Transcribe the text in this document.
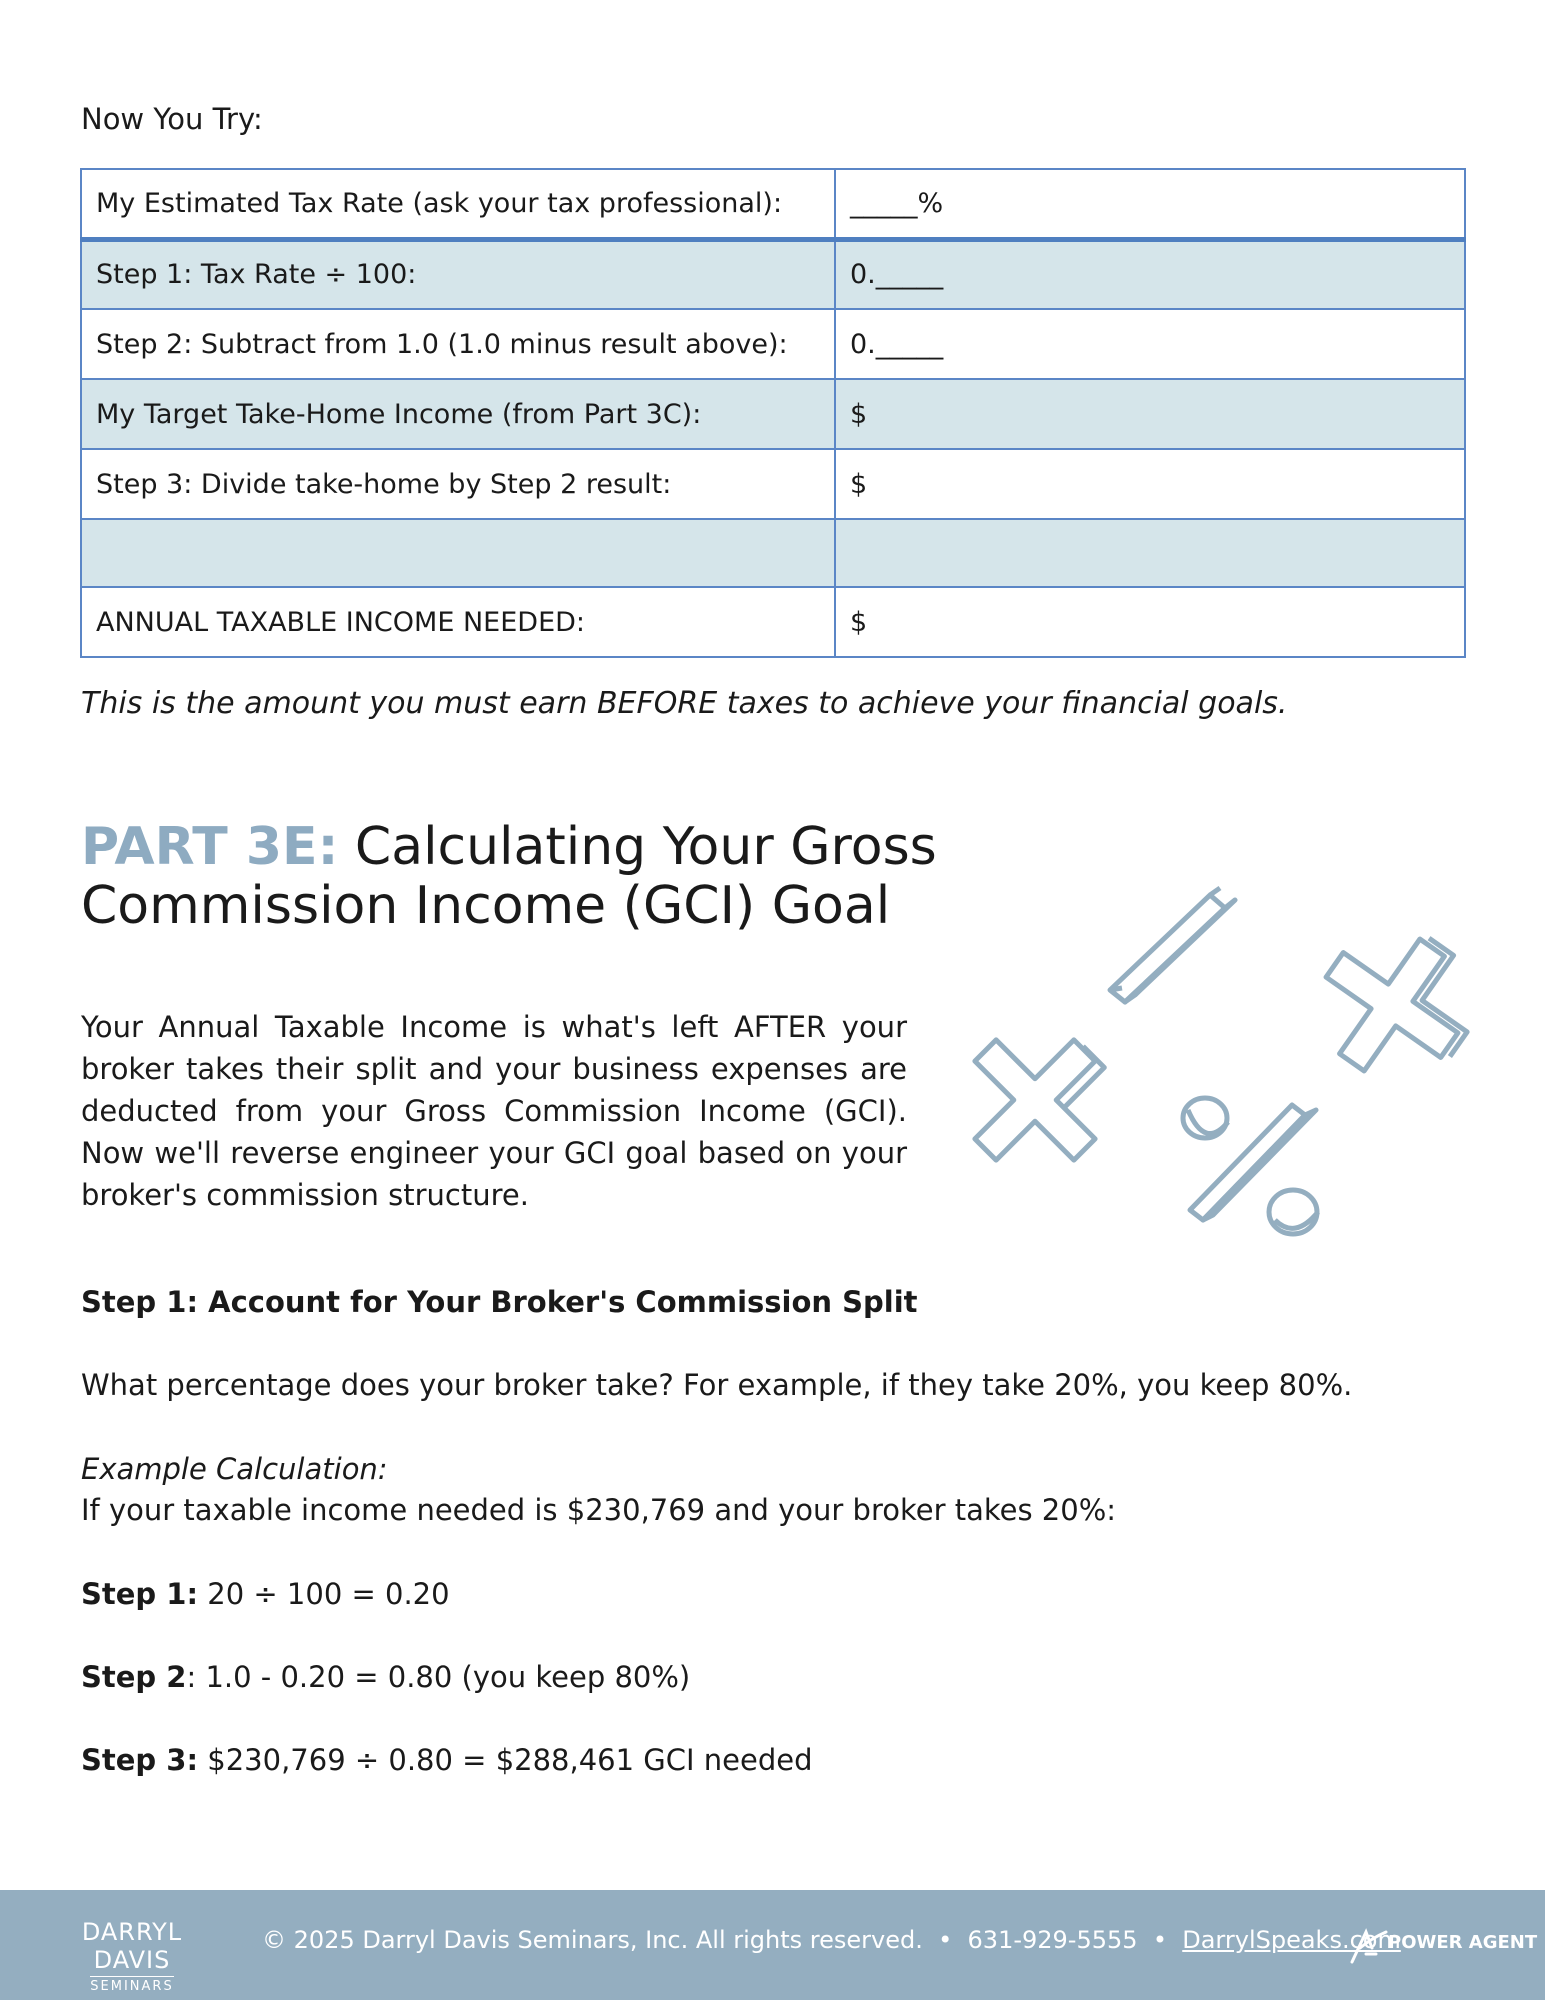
Now You Try:
My Estimated Tax Rate (ask your tax professional):	_____%
Step 1: Tax Rate ÷ 100:	0._____
Step 2: Subtract from 1.0 (1.0 minus result above):	0._____
My Target Take-Home Income (from Part 3C):	$
Step 3: Divide take-home by Step 2 result:	$

ANNUAL TAXABLE INCOME NEEDED:	$
This is the amount you must earn BEFORE taxes to achieve your financial goals.
PART 3E: Calculating Your Gross
Commission Income (GCI) Goal

Your Annual Taxable Income is what's left AFTER your broker takes their split and your business expenses are deducted from your Gross Commission Income (GCI). Now we'll reverse engineer your GCI goal based on your broker's commission structure.

Step 1: Account for Your Broker's Commission Split
What percentage does your broker take? For example, if they take 20%, you keep 80%.
Example Calculation:
If your taxable income needed is $230,769 and your broker takes 20%:
Step 1: 20 ÷ 100 = 0.20
Step 2: 1.0 - 0.20 = 0.80 (you keep 80%)
Step 3: $230,769 ÷ 0.80 = $288,461 GCI needed
DARRYL DAVIS
SEMINARS
© 2025 Darryl Davis Seminars, Inc. All rights reserved. • 631-929-5555 • DarrylSpeaks.com
POWER AGENT
